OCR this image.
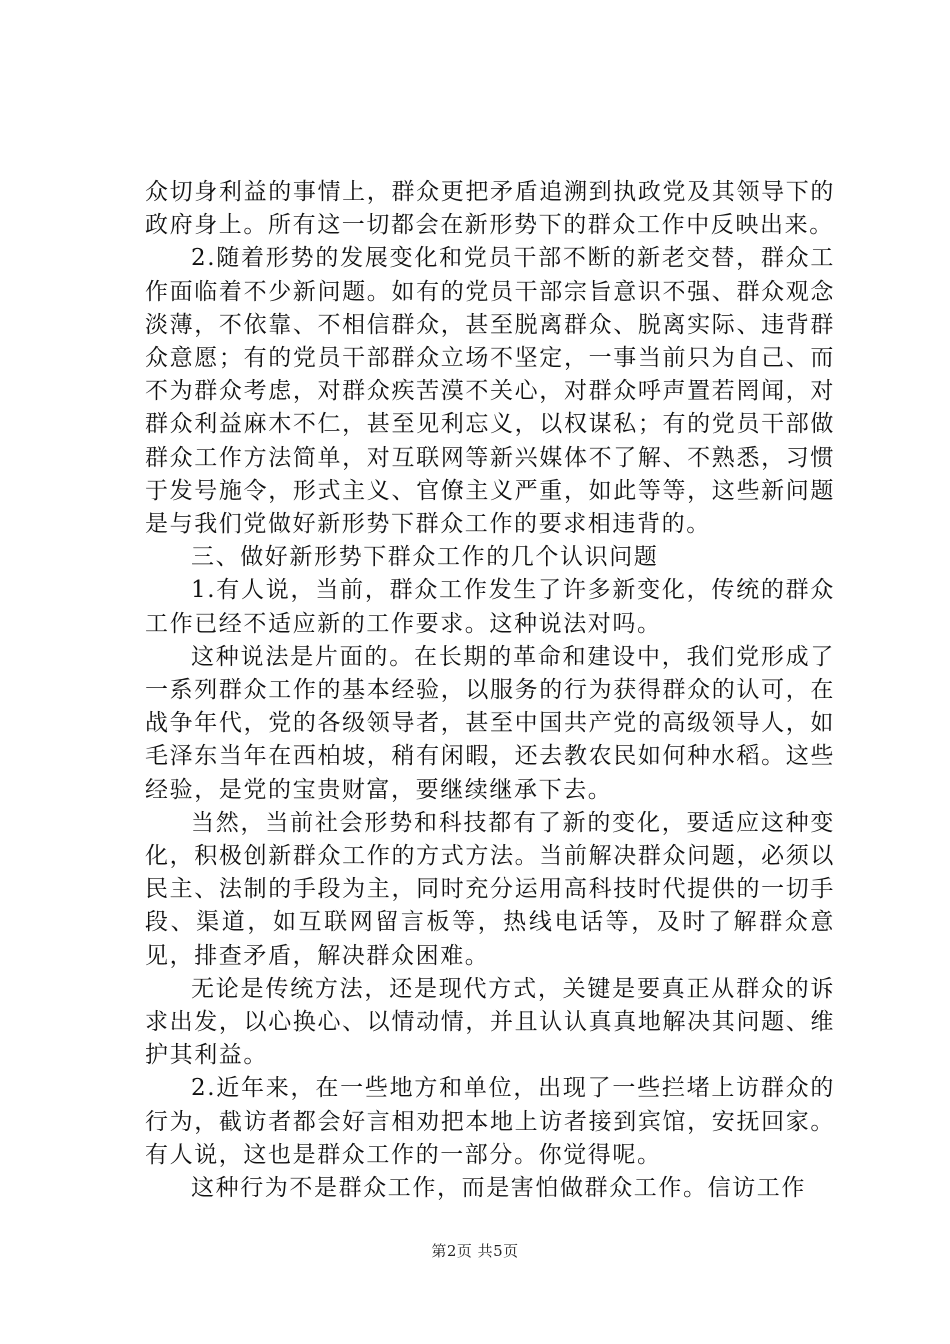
众切身利益的事情上，群众更把矛盾追溯到执政党及其领导下的政府身上。所有这一切都会在新形势下的群众工作中反映出来。

2.随着形势的发展变化和党员干部不断的新老交替，群众工作面临着不少新问题。如有的党员干部宗旨意识不强、群众观念淡薄，不依靠、不相信群众，甚至脱离群众、脱离实际、违背群众意愿；有的党员干部群众立场不坚定，一事当前只为自己、而不为群众考虑，对群众疾苦漠不关心，对群众呼声置若罔闻，对群众利益麻木不仁，甚至见利忘义，以权谋私；有的党员干部做群众工作方法简单，对互联网等新兴媒体不了解、不熟悉，习惯于发号施令，形式主义、官僚主义严重，如此等等，这些新问题是与我们党做好新形势下群众工作的要求相违背的。

三、做好新形势下群众工作的几个认识问题

1.有人说，当前，群众工作发生了许多新变化，传统的群众工作已经不适应新的工作要求。这种说法对吗。

这种说法是片面的。在长期的革命和建设中，我们党形成了一系列群众工作的基本经验，以服务的行为获得群众的认可，在战争年代，党的各级领导者，甚至中国共产党的高级领导人，如毛泽东当年在西柏坡，稍有闲暇，还去教农民如何种水稻。这些经验，是党的宝贵财富，要继续继承下去。

当然，当前社会形势和科技都有了新的变化，要适应这种变化，积极创新群众工作的方式方法。当前解决群众问题，必须以民主、法制的手段为主，同时充分运用高科技时代提供的一切手段、渠道，如互联网留言板等，热线电话等，及时了解群众意见，排查矛盾，解决群众困难。

无论是传统方法，还是现代方式，关键是要真正从群众的诉求出发，以心换心、以情动情，并且认认真真地解决其问题、维护其利益。

2.近年来，在一些地方和单位，出现了一些拦堵上访群众的行为，截访者都会好言相劝把本地上访者接到宾馆，安抚回家。有人说，这也是群众工作的一部分。你觉得呢。

这种行为不是群众工作，而是害怕做群众工作。信访工作

第2页 共5页
